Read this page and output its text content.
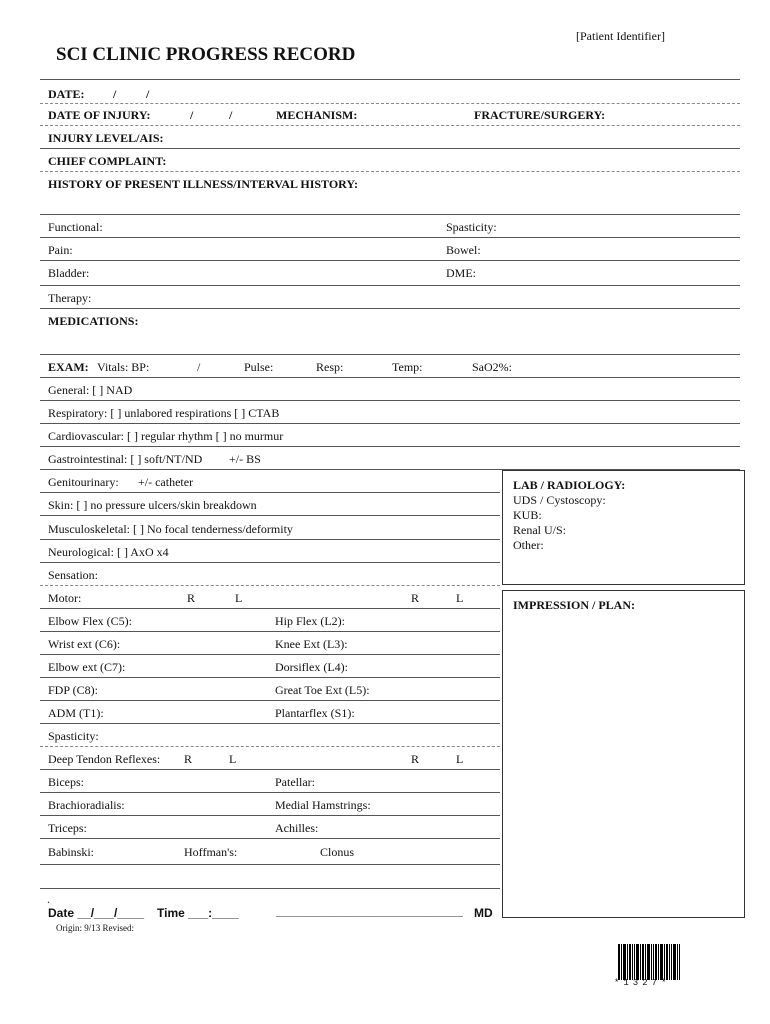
[Patient Identifier]
SCI CLINIC PROGRESS RECORD
DATE: / /
DATE OF INJURY:	/	/	MECHANISM:	FRACTURE/SURGERY:
INJURY LEVEL/AIS:
CHIEF COMPLAINT:
HISTORY OF PRESENT ILLNESS/INTERVAL HISTORY:
Functional:	Spasticity:
Pain:	Bowel:
Bladder:	DME:
Therapy:
MEDICATIONS:
EXAM: Vitals: BP:	/	Pulse:	Resp:	Temp:	SaO2%:
General: [ ] NAD
Respiratory: [ ] unlabored respirations [ ] CTAB
Cardiovascular: [ ] regular rhythm [ ] no murmur
Gastrointestinal: [ ] soft/NT/ND +/- BS
Genitourinary: +/- catheter
Skin: [ ] no pressure ulcers/skin breakdown
Musculoskeletal: [ ] No focal tenderness/deformity
Neurological: [ ] AxO x4
Sensation:
Motor:	R	L	R	L
Elbow Flex (C5):	Hip Flex (L2):
Wrist ext (C6):	Knee Ext (L3):
Elbow ext (C7):	Dorsiflex (L4):
FDP (C8):	Great Toe Ext (L5):
ADM (T1):	Plantarflex (S1):
Spasticity:
Deep Tendon Reflexes: R	L	R	L
Biceps:	Patellar:
Brachioradialis:	Medial Hamstrings:
Triceps:	Achilles:
Babinski:	Hoffman's:	Clonus
LAB / RADIOLOGY:
UDS / Cystoscopy:
KUB:
Renal U/S:
Other:
IMPRESSION / PLAN:
.
Date __/___/____ Time ___:____	____________________________ MD
Origin: 9/13 Revised:
*1327*
